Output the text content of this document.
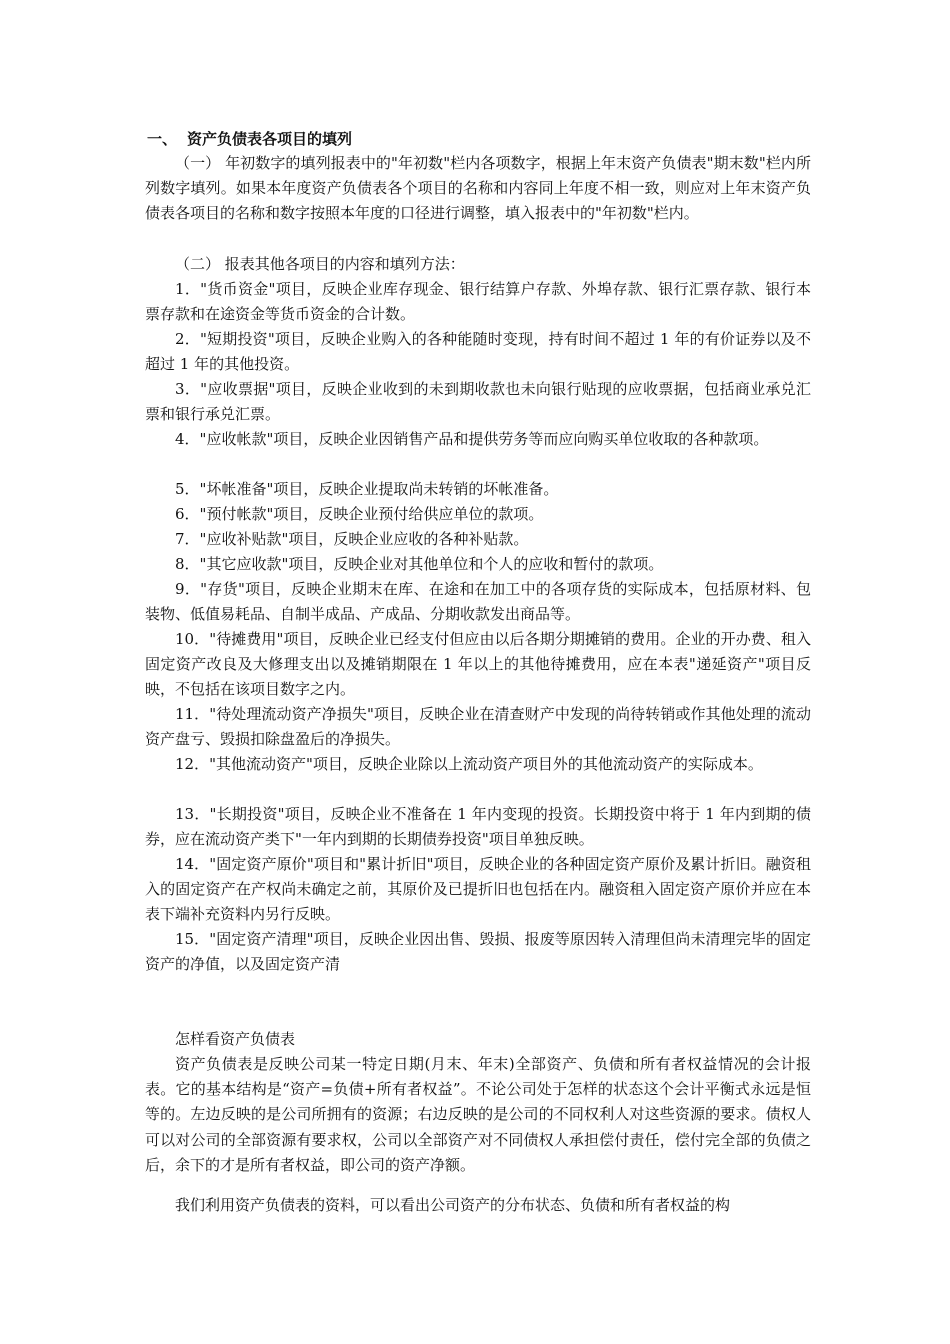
一、 资产负债表各项目的填列

（一） 年初数字的填列报表中的"年初数"栏内各项数字，根据上年末资产负债表"期末数"栏内所列数字填列。如果本年度资产负债表各个项目的名称和内容同上年度不相一致，则应对上年末资产负债表各项目的名称和数字按照本年度的口径进行调整，填入报表中的"年初数"栏内。

（二） 报表其他各项目的内容和填列方法：

1．"货币资金"项目，反映企业库存现金、银行结算户存款、外埠存款、银行汇票存款、银行本票存款和在途资金等货币资金的合计数。

2．"短期投资"项目，反映企业购入的各种能随时变现，持有时间不超过 1 年的有价证券以及不超过 1 年的其他投资。

3．"应收票据"项目，反映企业收到的未到期收款也未向银行贴现的应收票据，包括商业承兑汇票和银行承兑汇票。

4．"应收帐款"项目，反映企业因销售产品和提供劳务等而应向购买单位收取的各种款项。

5．"坏帐准备"项目，反映企业提取尚未转销的坏帐准备。

6．"预付帐款"项目，反映企业预付给供应单位的款项。

7．"应收补贴款"项目，反映企业应收的各种补贴款。

8．"其它应收款"项目，反映企业对其他单位和个人的应收和暂付的款项。

9．"存货"项目，反映企业期末在库、在途和在加工中的各项存货的实际成本，包括原材料、包装物、低值易耗品、自制半成品、产成品、分期收款发出商品等。

10．"待摊费用"项目，反映企业已经支付但应由以后各期分期摊销的费用。企业的开办费、租入固定资产改良及大修理支出以及摊销期限在 1 年以上的其他待摊费用，应在本表"递延资产"项目反映，不包括在该项目数字之内。

11．"待处理流动资产净损失"项目，反映企业在清查财产中发现的尚待转销或作其他处理的流动资产盘亏、毁损扣除盘盈后的净损失。

12．"其他流动资产"项目，反映企业除以上流动资产项目外的其他流动资产的实际成本。

13．"长期投资"项目，反映企业不准备在 1 年内变现的投资。长期投资中将于 1 年内到期的债券，应在流动资产类下"一年内到期的长期债券投资"项目单独反映。

14．"固定资产原价"项目和"累计折旧"项目，反映企业的各种固定资产原价及累计折旧。融资租入的固定资产在产权尚未确定之前，其原价及已提折旧也包括在内。融资租入固定资产原价并应在本表下端补充资料内另行反映。

15．"固定资产清理"项目，反映企业因出售、毁损、报废等原因转入清理但尚未清理完毕的固定资产的净值，以及固定资产清

怎样看资产负债表

资产负债表是反映公司某一特定日期(月末、年末)全部资产、负债和所有者权益情况的会计报表。它的基本结构是“资产=负债+所有者权益”。不论公司处于怎样的状态这个会计平衡式永远是恒等的。左边反映的是公司所拥有的资源；右边反映的是公司的不同权利人对这些资源的要求。债权人可以对公司的全部资源有要求权，公司以全部资产对不同债权人承担偿付责任，偿付完全部的负债之后，余下的才是所有者权益，即公司的资产净额。

我们利用资产负债表的资料，可以看出公司资产的分布状态、负债和所有者权益的构
